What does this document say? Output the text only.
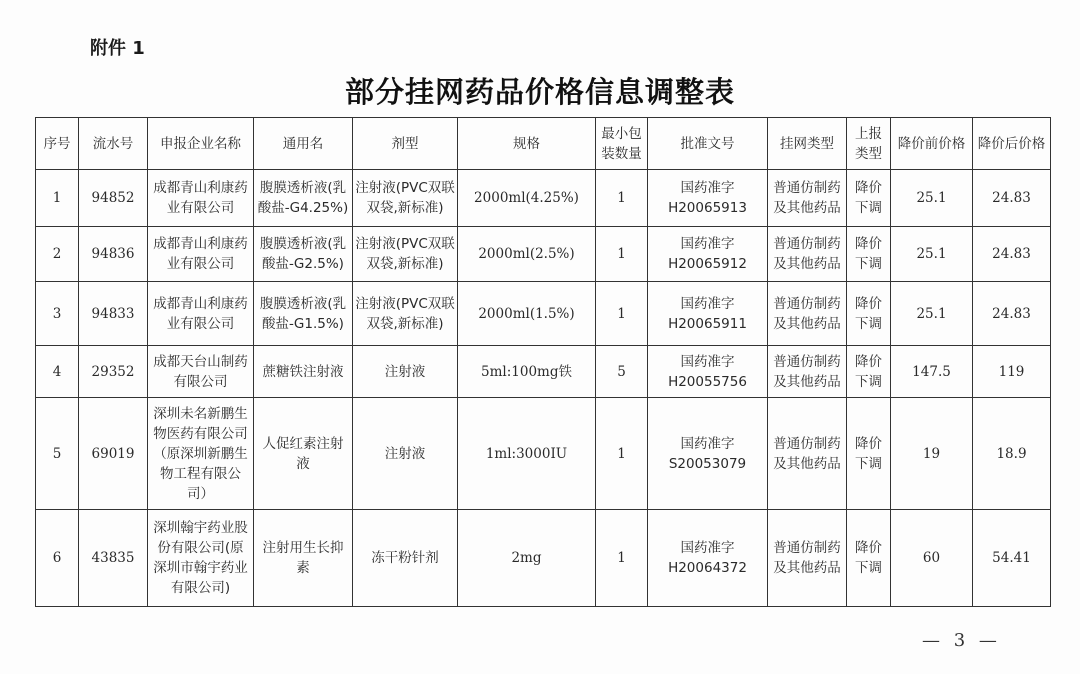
附件 1
部分挂网药品价格信息调整表
序号	流水号	申报企业名称	通用名	剂型	规格	最小包装数量	批准文号	挂网类型	上报类型	降价前价格	降价后价格
1	94852	成都青山利康药业有限公司	腹膜透析液(乳酸盐-G4.25%)	注射液(PVC双联双袋,新标准)	2000ml(4.25%)	1	国药准字H20065913	普通仿制药及其他药品	降价下调	25.1	24.83
2	94836	成都青山利康药业有限公司	腹膜透析液(乳酸盐-G2.5%)	注射液(PVC双联双袋,新标准)	2000ml(2.5%)	1	国药准字H20065912	普通仿制药及其他药品	降价下调	25.1	24.83
3	94833	成都青山利康药业有限公司	腹膜透析液(乳酸盐-G1.5%)	注射液(PVC双联双袋,新标准)	2000ml(1.5%)	1	国药准字H20065911	普通仿制药及其他药品	降价下调	25.1	24.83
4	29352	成都天台山制药有限公司	蔗糖铁注射液	注射液	5ml:100mg铁	5	国药准字H20055756	普通仿制药及其他药品	降价下调	147.5	119
5	69019	深圳未名新鹏生物医药有限公司（原深圳新鹏生物工程有限公司）	人促红素注射液	注射液	1ml:3000IU	1	国药准字S20053079	普通仿制药及其他药品	降价下调	19	18.9
6	43835	深圳翰宇药业股份有限公司(原深圳市翰宇药业有限公司)	注射用生长抑素	冻干粉针剂	2mg	1	国药准字H20064372	普通仿制药及其他药品	降价下调	60	54.41
— 3 —
